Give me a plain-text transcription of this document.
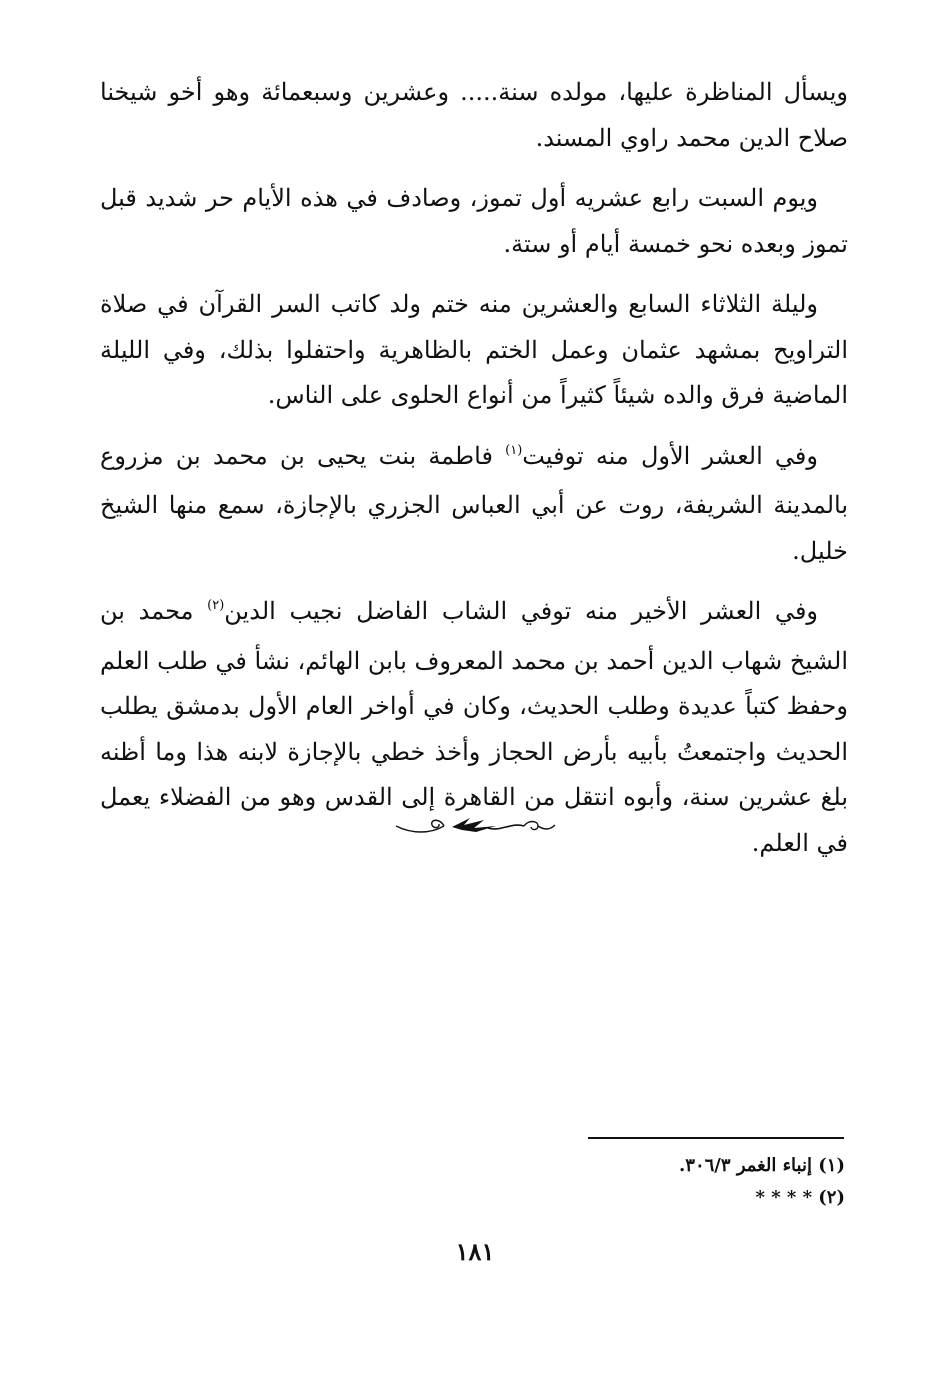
ويسأل المناظرة عليها، مولده سنة..... وعشرين وسبعمائة وهو أخو شيخنا صلاح الدين محمد راوي المسند.

ويوم السبت رابع عشريه أول تموز، وصادف في هذه الأيام حر شديد قبل تموز وبعده نحو خمسة أيام أو ستة.

وليلة الثلاثاء السابع والعشرين منه ختم ولد كاتب السر القرآن في صلاة التراويح بمشهد عثمان وعمل الختم بالظاهرية واحتفلوا بذلك، وفي الليلة الماضية فرق والده شيئاً كثيراً من أنواع الحلوى على الناس.

وفي العشر الأول منه توفيت$^{(١)}$ فاطمة بنت يحيى بن محمد بن مزروع بالمدينة الشريفة، روت عن أبي العباس الجزري بالإجازة، سمع منها الشيخ خليل.

وفي العشر الأخير منه توفي الشاب الفاضل نجيب الدين$^{(٢)}$ محمد بن الشيخ شهاب الدين أحمد بن محمد المعروف بابن الهائم، نشأ في طلب العلم وحفظ كتباً عديدة وطلب الحديث، وكان في أواخر العام الأول بدمشق يطلب الحديث واجتمعتُ بأبيه بأرض الحجاز وأخذ خطي بالإجازة لابنه هذا وما أظنه بلغ عشرين سنة، وأبوه انتقل من القاهرة إلى القدس وهو من الفضلاء يعمل في العلم.

(١) إنباء الغمر ٣٠٦/٣.

(٢) * * * *

١٨١
